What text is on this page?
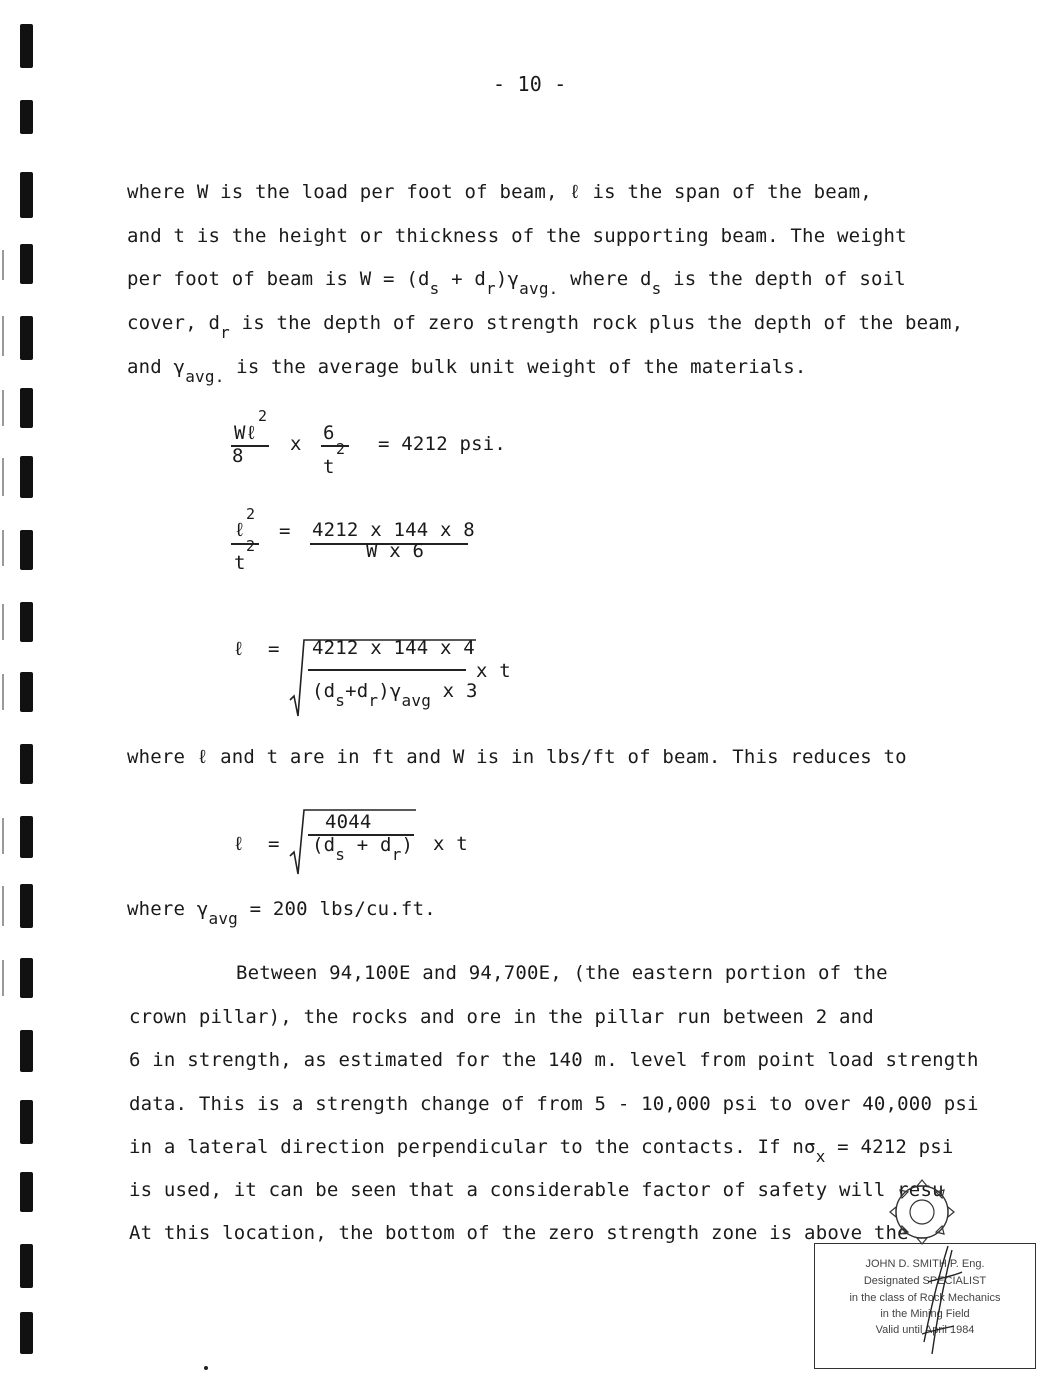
- 10 -
where W is the load per foot of beam, ℓ is the span of the beam,
and t is the height or thickness of the supporting beam. The weight
per foot of beam is $W = (d_s + d_r)\gamma_{avg.}$ where $d_s$ is the depth of soil
cover, $d_r$ is the depth of zero strength rock plus the depth of the beam,
and $\gamma_{avg.}$ is the average bulk unit weight of the materials.
2
Wℓ
8
x 6
2
t
= 4212 psi.
2
ℓ
2
t
= 4212 x 144 x 8
W x 6
ℓ = 4212 x 144 x 4
$(d_s+d_r)\gamma_{avg}$ x 3
x t
where ℓ and t are in ft and W is in lbs/ft of beam. This reduces to
ℓ =
4044
$(d_s + d_r)$ x t
where $\gamma_{avg} = 200$ lbs/cu.ft.
Between 94,100E and 94,700E, (the eastern portion of the
crown pillar), the rocks and ore in the pillar run between 2 and
6 in strength, as estimated for the 140 m. level from point load strength
data. This is a strength change of from 5 - 10,000 psi to over 40,000 psi
in a lateral direction perpendicular to the contacts. If $n\sigma_x = 4212$ psi
is used, it can be seen that a considerable factor of safety will resu
At this location, the bottom of the zero strength zone is above the
JOHN D. SMITH P. Eng.
Designated SPECIALIST
in the class of Rock Mechanics
in the Mining Field
Valid until April 1984
